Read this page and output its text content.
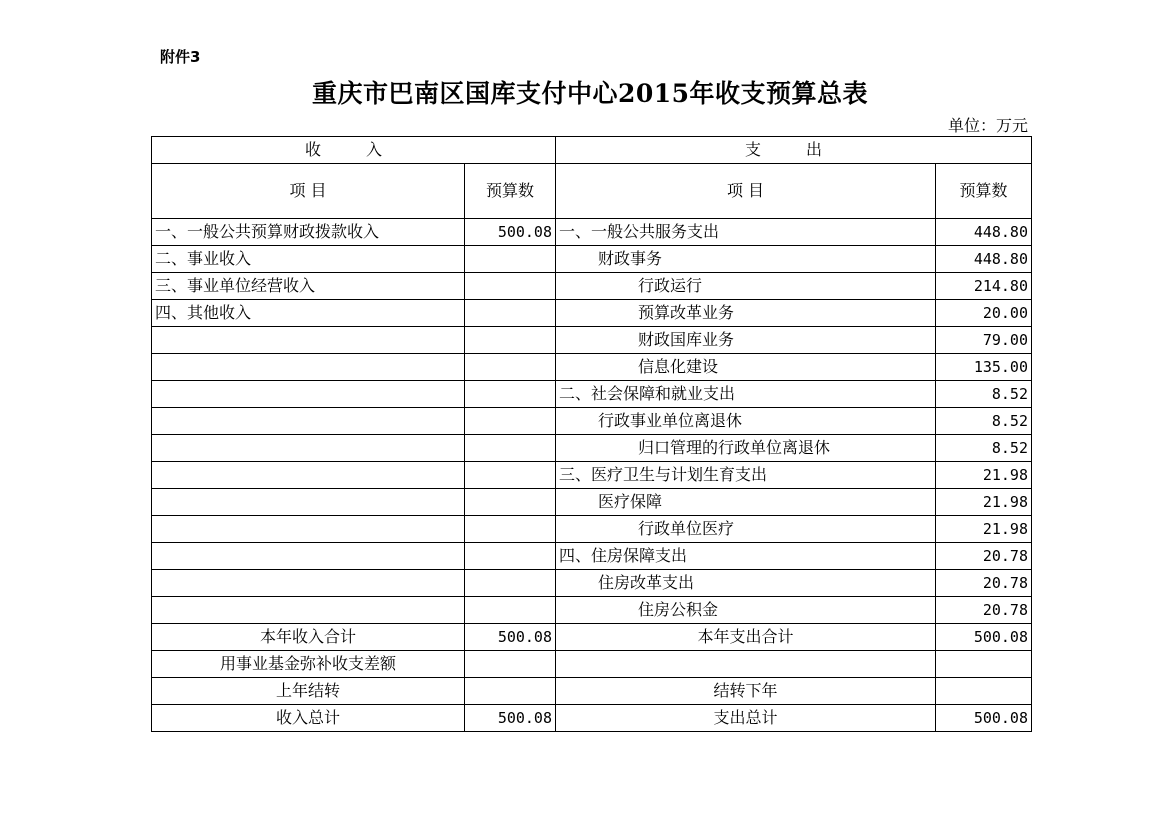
附件3
重庆市巴南区国库支付中心2015年收支预算总表
单位：万元
收 入		支 出	
项 目	预算数	项 目	预算数
一、一般公共预算财政拨款收入	500.08	一、一般公共服务支出	448.80
二、事业收入		财政事务	448.80
三、事业单位经营收入		行政运行	214.80
四、其他收入		预算改革业务	20.00
		财政国库业务	79.00
		信息化建设	135.00
		二、社会保障和就业支出	8.52
		行政事业单位离退休	8.52
		归口管理的行政单位离退休	8.52
		三、医疗卫生与计划生育支出	21.98
		医疗保障	21.98
		行政单位医疗	21.98
		四、住房保障支出	20.78
		住房改革支出	20.78
		住房公积金	20.78
本年收入合计	500.08	本年支出合计	500.08
用事业基金弥补收支差额			
上年结转		结转下年	
收入总计	500.08	支出总计	500.08
